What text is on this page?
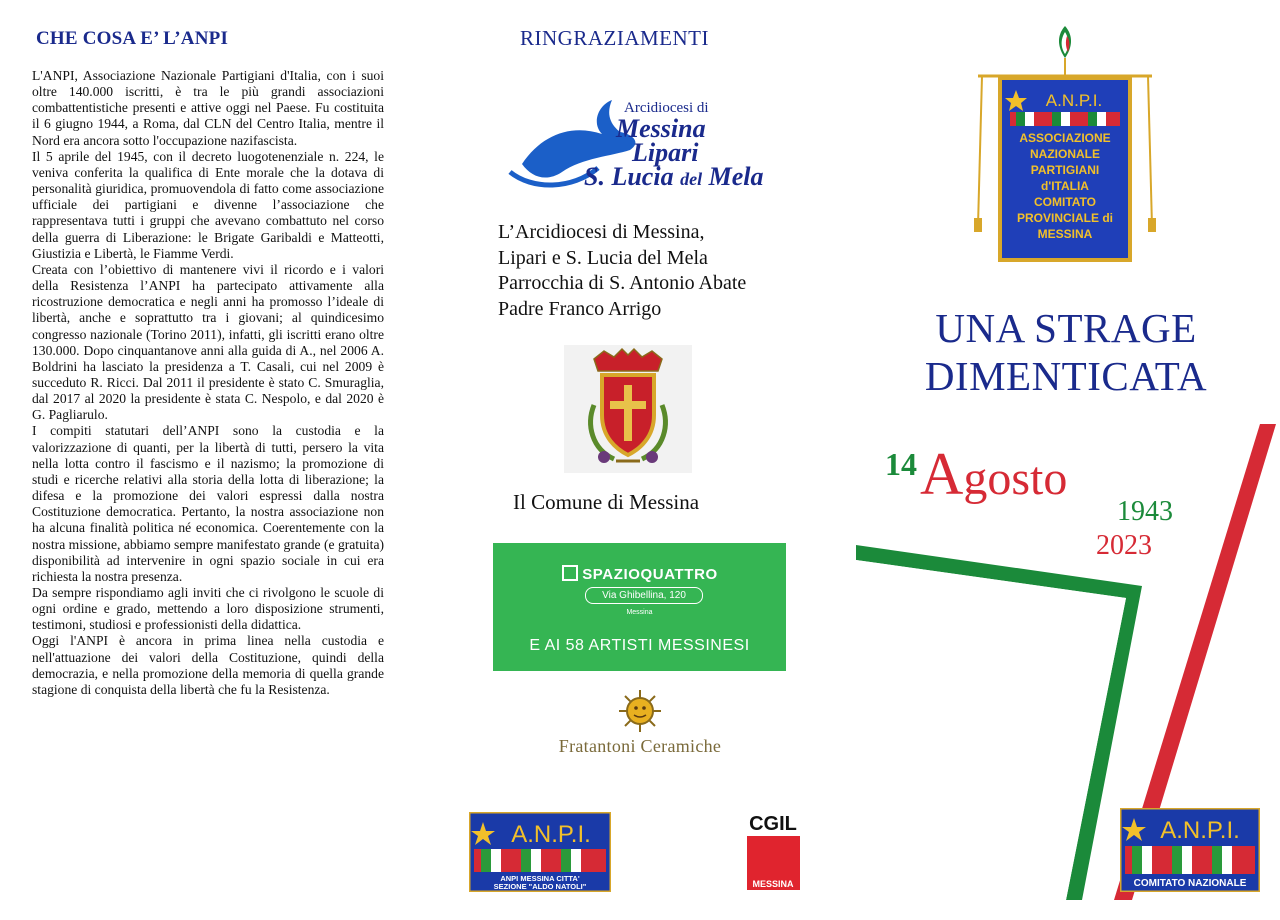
CHE COSA E’ L’ANPI

L'ANPI, Associazione Nazionale Partigiani d'Italia, con i suoi oltre 140.000 iscritti, è tra le più grandi associazioni combattentistiche presenti e attive oggi nel Paese. Fu costituita il 6 giugno 1944, a Roma, dal CLN del Centro Italia, mentre il Nord era ancora sotto l'occupazione nazifascista.

Il 5 aprile del 1945, con il decreto luogotenenziale n. 224, le veniva conferita la qualifica di Ente morale che la dotava di personalità giuridica, promuovendola di fatto come associazione ufficiale dei partigiani e divenne l’associazione che rappresentava tutti i gruppi che avevano combattuto nel corso della guerra di Liberazione: le Brigate Garibaldi e Matteotti, Giustizia e Libertà, le Fiamme Verdi.

Creata con l’obiettivo di mantenere vivi il ricordo e i valori della Resistenza l’ANPI ha partecipato attivamente alla ricostruzione democratica e negli anni ha promosso l’ideale di libertà, anche e soprattutto tra i giovani; al quindicesimo congresso nazionale (Torino 2011), infatti, gli iscritti erano oltre 130.000. Dopo cinquantanove anni alla guida di A., nel 2006 A. Boldrini ha lasciato la presidenza a T. Casali, cui nel 2009 è succeduto R. Ricci. Dal 2011 il presidente è stato C. Smuraglia, dal 2017 al 2020 la presidente è stata C. Nespolo, e dal 2020 è G. Pagliarulo.

I compiti statutari dell’ANPI sono la custodia e la valorizzazione di quanti, per la libertà di tutti, persero la vita nella lotta contro il fascismo e il nazismo; la promozione di studi e ricerche relativi alla storia della lotta di liberazione; la difesa e la promozione dei valori espressi dalla nostra Costituzione democratica. Pertanto, la nostra associazione non ha alcuna finalità politica né economica. Coerentemente con la nostra missione, abbiamo sempre manifestato grande (e gratuita) disponibilità ad intervenire in ogni spazio sociale in cui era richiesta la nostra presenza.

Da sempre rispondiamo agli inviti che ci rivolgono le scuole di ogni ordine e grado, mettendo a loro disposizione strumenti, testimoni, studiosi e professionisti della didattica.

Oggi l'ANPI è ancora in prima linea nella custodia e nell'attuazione dei valori della Costituzione, quindi della democrazia, e nella promozione della memoria di quella grande stagione di conquista della libertà che fu la Resistenza.

RINGRAZIAMENTI
Arcidiocesi di
Messina
Lipari
S. Lucia del Mela
L’Arcidiocesi di Messina,
Lipari e S. Lucia del Mela
Parrocchia di S. Antonio Abate
Padre Franco Arrigo
Il Comune di Messina
SPAZIOQUATTRO
Via Ghibellina, 120
Messina
E AI 58 ARTISTI MESSINESI
Fratantoni Ceramiche
A.N.P.I.
ANPI MESSINA CITTA'
SEZIONE "ALDO NATOLI"
CGIL
MESSINA
A.N.P.I.
ASSOCIAZIONE
NAZIONALE
PARTIGIANI
d'ITALIA
COMITATO
PROVINCIALE di
MESSINA
UNA STRAGE
DIMENTICATA
14 Agosto
1943
2023
A.N.P.I.
COMITATO NAZIONALE
